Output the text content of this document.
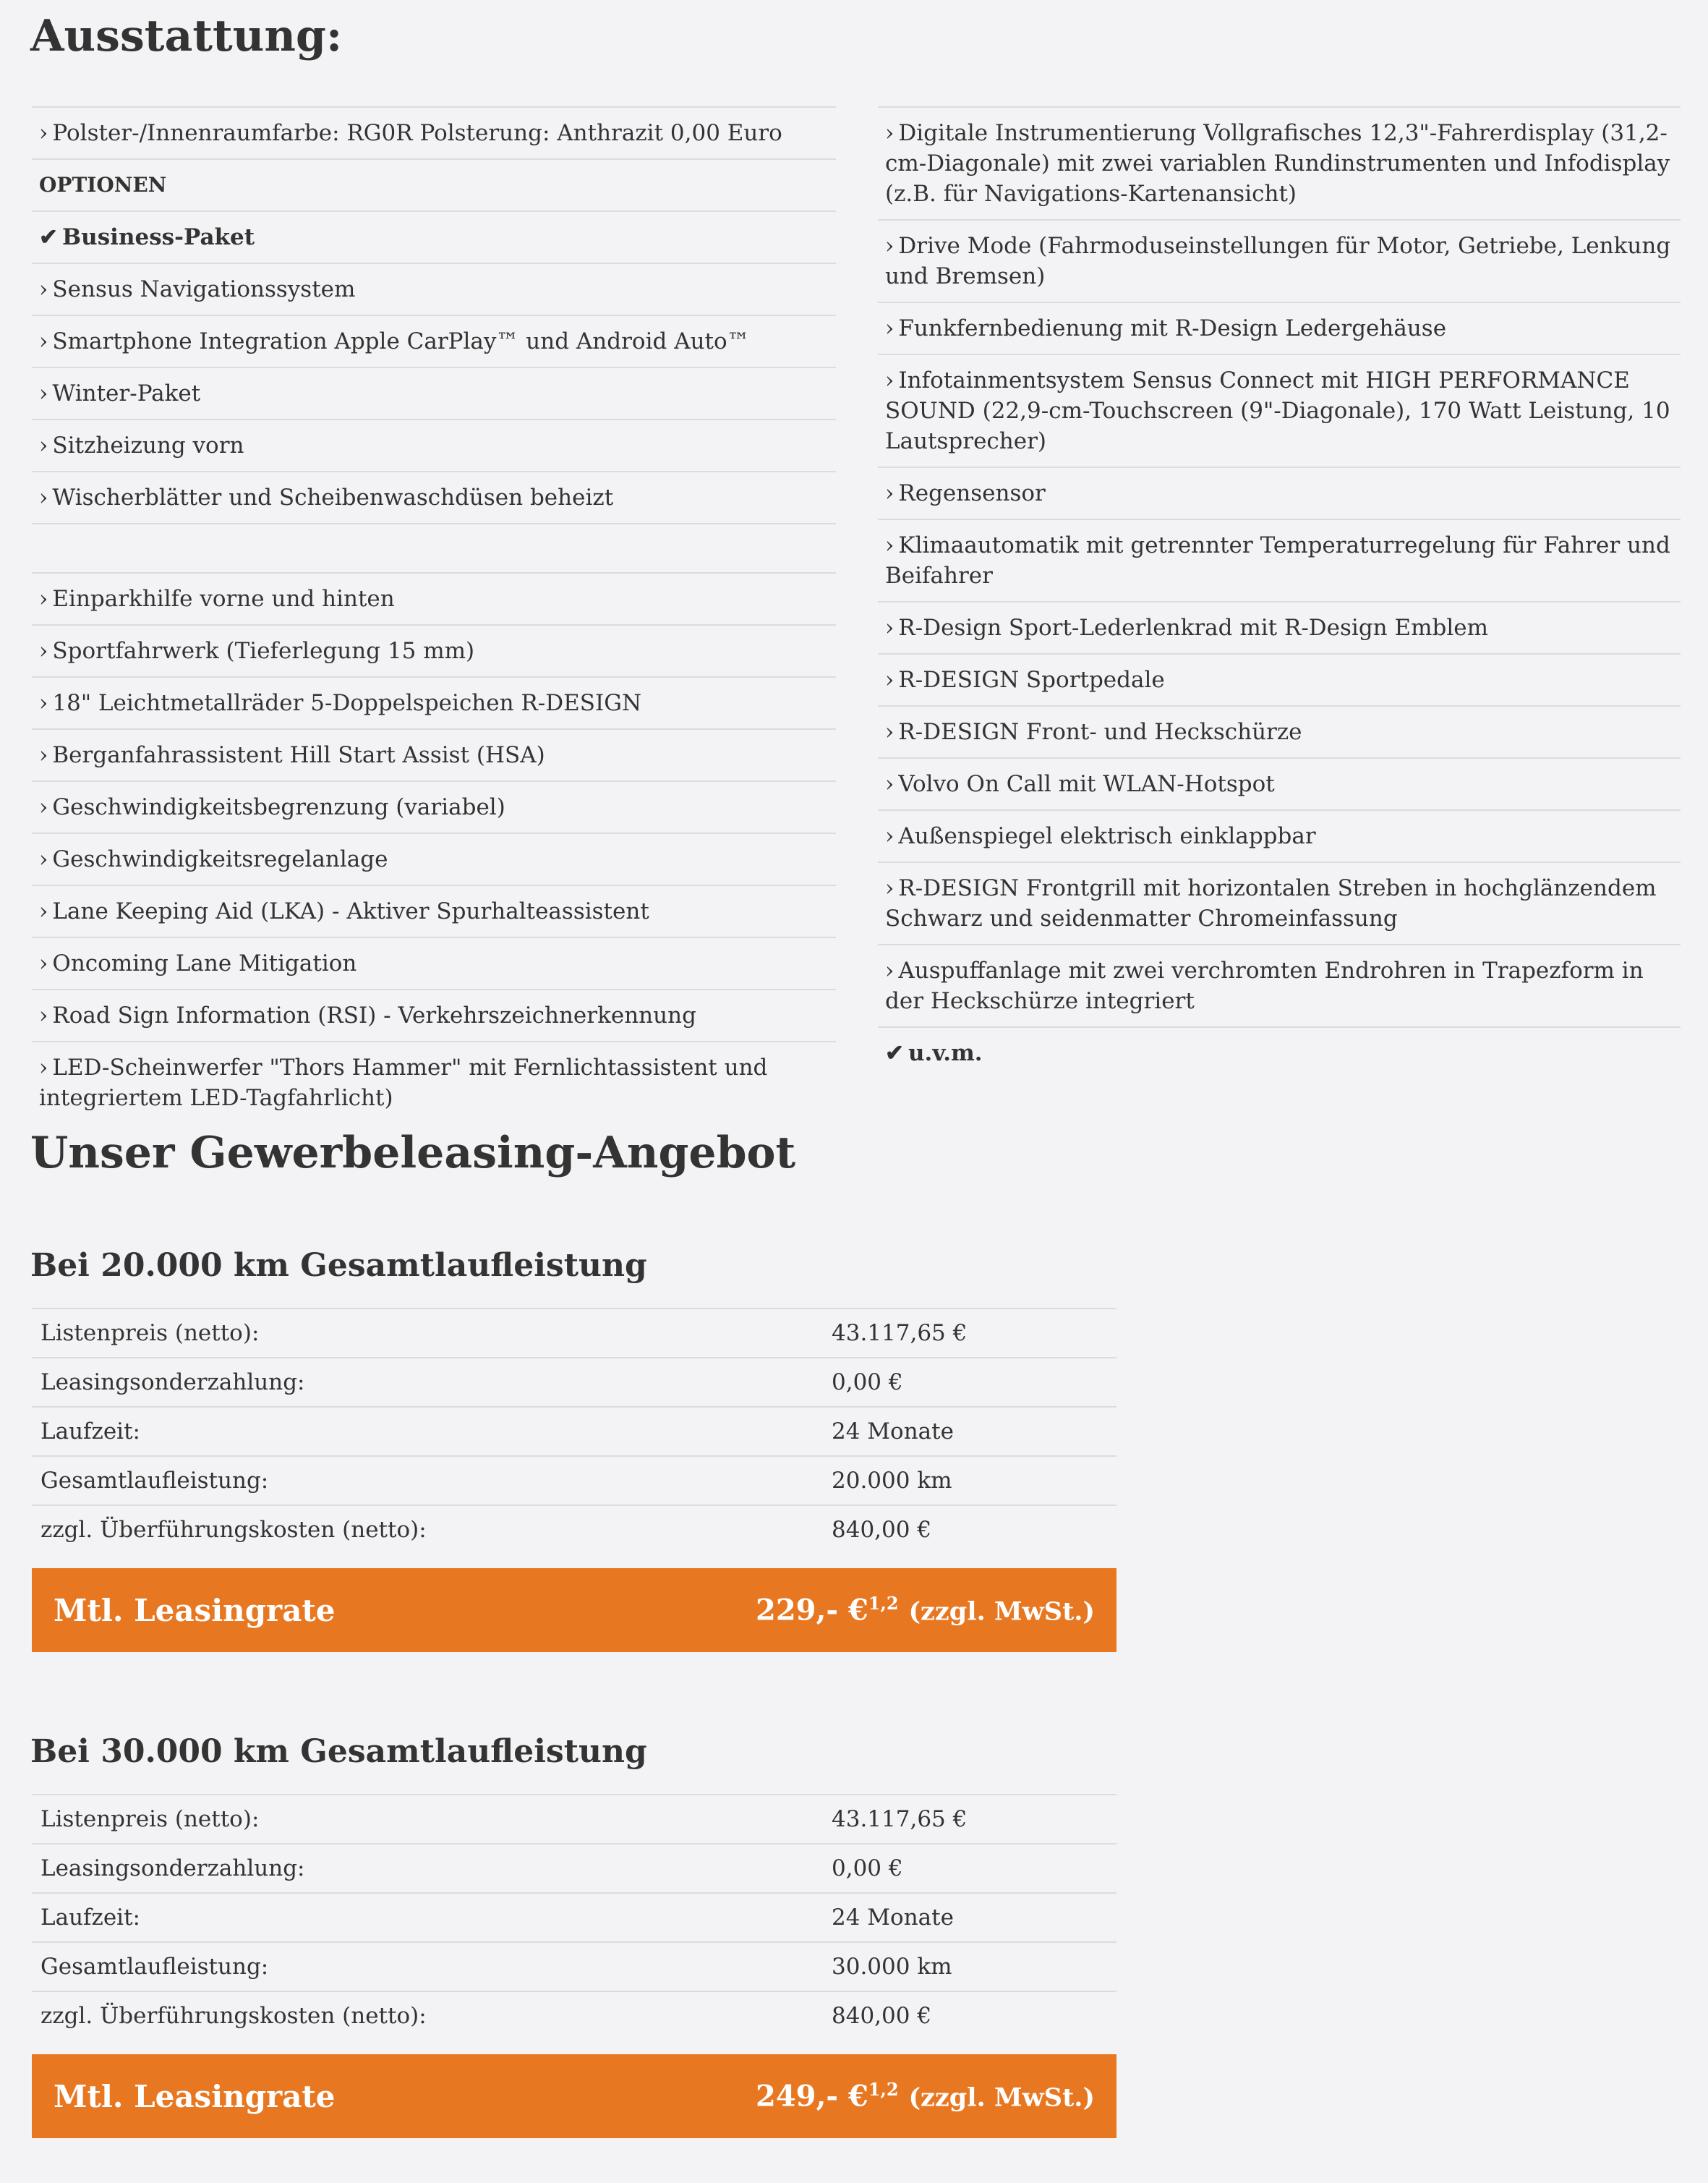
Ausstattung:
› Polster-/Innenraumfarbe: RG0R Polsterung: Anthrazit 0,00 Euro
OPTIONEN
✔ Business-Paket
› Sensus Navigationssystem
› Smartphone Integration Apple CarPlay™ und Android Auto™
› Winter-Paket
› Sitzheizung vorn
› Wischerblätter und Scheibenwaschdüsen beheizt
› Einparkhilfe vorne und hinten
› Sportfahrwerk (Tieferlegung 15 mm)
› 18" Leichtmetallräder 5-Doppelspeichen R-DESIGN
› Berganfahrassistent Hill Start Assist (HSA)
› Geschwindigkeitsbegrenzung (variabel)
› Geschwindigkeitsregelanlage
› Lane Keeping Aid (LKA) - Aktiver Spurhalteassistent
› Oncoming Lane Mitigation
› Road Sign Information (RSI) - Verkehrszeichnerkennung
› LED-Scheinwerfer "Thors Hammer" mit Fernlichtassistent und integriertem LED-Tagfahrlicht)
› Digitale Instrumentierung Vollgrafisches 12,3"-Fahrerdisplay (31,2-cm-Diagonale) mit zwei variablen Rundinstrumenten und Infodisplay (z.B. für Navigations-Kartenansicht)
› Drive Mode (Fahrmoduseinstellungen für Motor, Getriebe, Lenkung und Bremsen)
› Funkfernbedienung mit R-Design Ledergehäuse
› Infotainmentsystem Sensus Connect mit HIGH PERFORMANCE SOUND (22,9-cm-Touchscreen (9"-Diagonale), 170 Watt Leistung, 10 Lautsprecher)
› Regensensor
› Klimaautomatik mit getrennter Temperaturregelung für Fahrer und Beifahrer
› R-Design Sport-Lederlenkrad mit R-Design Emblem
› R-DESIGN Sportpedale
› R-DESIGN Front- und Heckschürze
› Volvo On Call mit WLAN-Hotspot
› Außenspiegel elektrisch einklappbar
› R-DESIGN Frontgrill mit horizontalen Streben in hochglänzendem Schwarz und seidenmatter Chromeinfassung
› Auspuffanlage mit zwei verchromten Endrohren in Trapezform in der Heckschürze integriert
✔ u.v.m.
Unser Gewerbeleasing-Angebot
Bei 20.000 km Gesamtlaufleistung
Listenpreis (netto):	43.117,65 €
Leasingsonderzahlung:	0,00 €
Laufzeit:	24 Monate
Gesamtlaufleistung:	20.000 km
zzgl. Überführungskosten (netto):	840,00 €
Mtl. Leasingrate	229,- €$^{1,2}$ (zzgl. MwSt.)
Bei 30.000 km Gesamtlaufleistung
Listenpreis (netto):	43.117,65 €
Leasingsonderzahlung:	0,00 €
Laufzeit:	24 Monate
Gesamtlaufleistung:	30.000 km
zzgl. Überführungskosten (netto):	840,00 €
Mtl. Leasingrate	249,- €$^{1,2}$ (zzgl. MwSt.)
